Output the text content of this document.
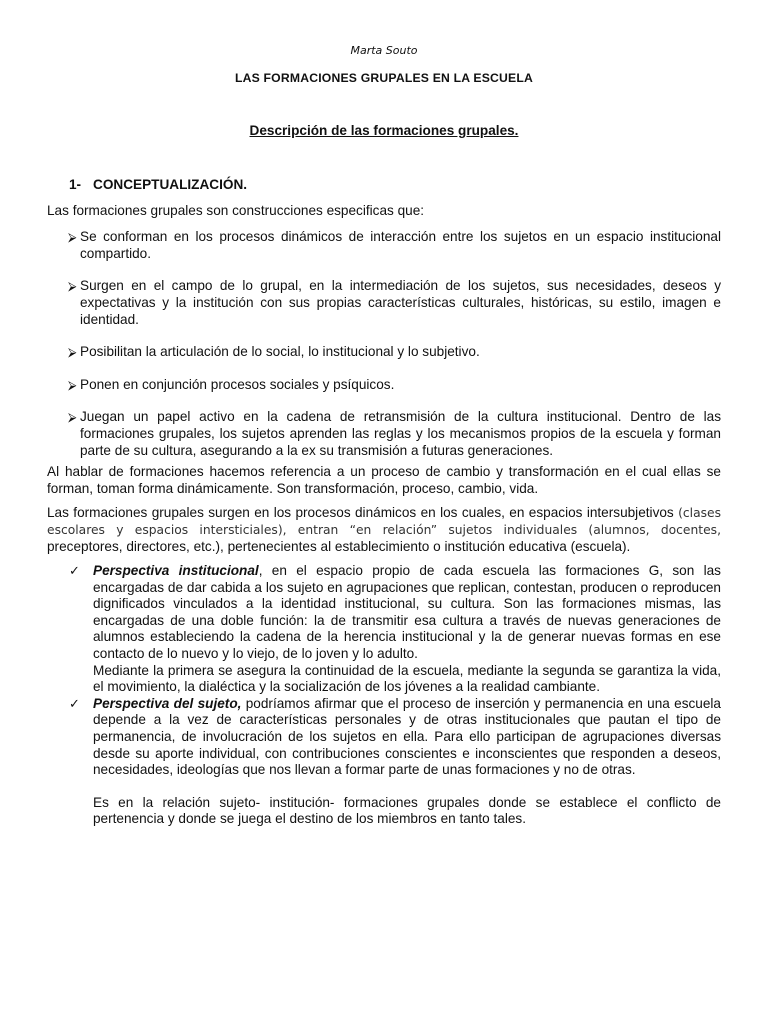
Marta Souto
LAS FORMACIONES GRUPALES EN LA ESCUELA
Descripción de las formaciones grupales.
1- CONCEPTUALIZACIÓN.

Las formaciones grupales son construcciones especificas que:

⮚ Se conforman en los procesos dinámicos de interacción entre los sujetos en un espacio institucional compartido.
⮚ Surgen en el campo de lo grupal, en la intermediación de los sujetos, sus necesidades, deseos y expectativas y la institución con sus propias características culturales, históricas, su estilo, imagen e identidad.
⮚ Posibilitan la articulación de lo social, lo institucional y lo subjetivo.
⮚ Ponen en conjunción procesos sociales y psíquicos.
⮚ Juegan un papel activo en la cadena de retransmisión de la cultura institucional. Dentro de las formaciones grupales, los sujetos aprenden las reglas y los mecanismos propios de la escuela y forman parte de su cultura, asegurando a la ex su transmisión a futuras generaciones.

Al hablar de formaciones hacemos referencia a un proceso de cambio y transformación en el cual ellas se forman, toman forma dinámicamente. Son transformación, proceso, cambio, vida.

Las formaciones grupales surgen en los procesos dinámicos en los cuales, en espacios intersubjetivos (clases escolares y espacios intersticiales), entran “en relación” sujetos individuales (alumnos, docentes, preceptores, directores, etc.), pertenecientes al establecimiento o institución educativa (escuela).

✓ Perspectiva institucional, en el espacio propio de cada escuela las formaciones G, son las encargadas de dar cabida a los sujeto en agrupaciones que replican, contestan, producen o reproducen dignificados vinculados a la identidad institucional, su cultura. Son las formaciones mismas, las encargadas de una doble función: la de transmitir esa cultura a través de nuevas generaciones de alumnos estableciendo la cadena de la herencia institucional y la de generar nuevas formas en ese contacto de lo nuevo y lo viejo, de lo joven y lo adulto.

Mediante la primera se asegura la continuidad de la escuela, mediante la segunda se garantiza la vida, el movimiento, la dialéctica y la socialización de los jóvenes a la realidad cambiante.

✓ Perspectiva del sujeto, podríamos afirmar que el proceso de inserción y permanencia en una escuela depende a la vez de características personales y de otras institucionales que pautan el tipo de permanencia, de involucración de los sujetos en ella. Para ello participan de agrupaciones diversas desde su aporte individual, con contribuciones conscientes e inconscientes que responden a deseos, necesidades, ideologías que nos llevan a formar parte de unas formaciones y no de otras.

Es en la relación sujeto- institución- formaciones grupales donde se establece el conflicto de pertenencia y donde se juega el destino de los miembros en tanto tales.
